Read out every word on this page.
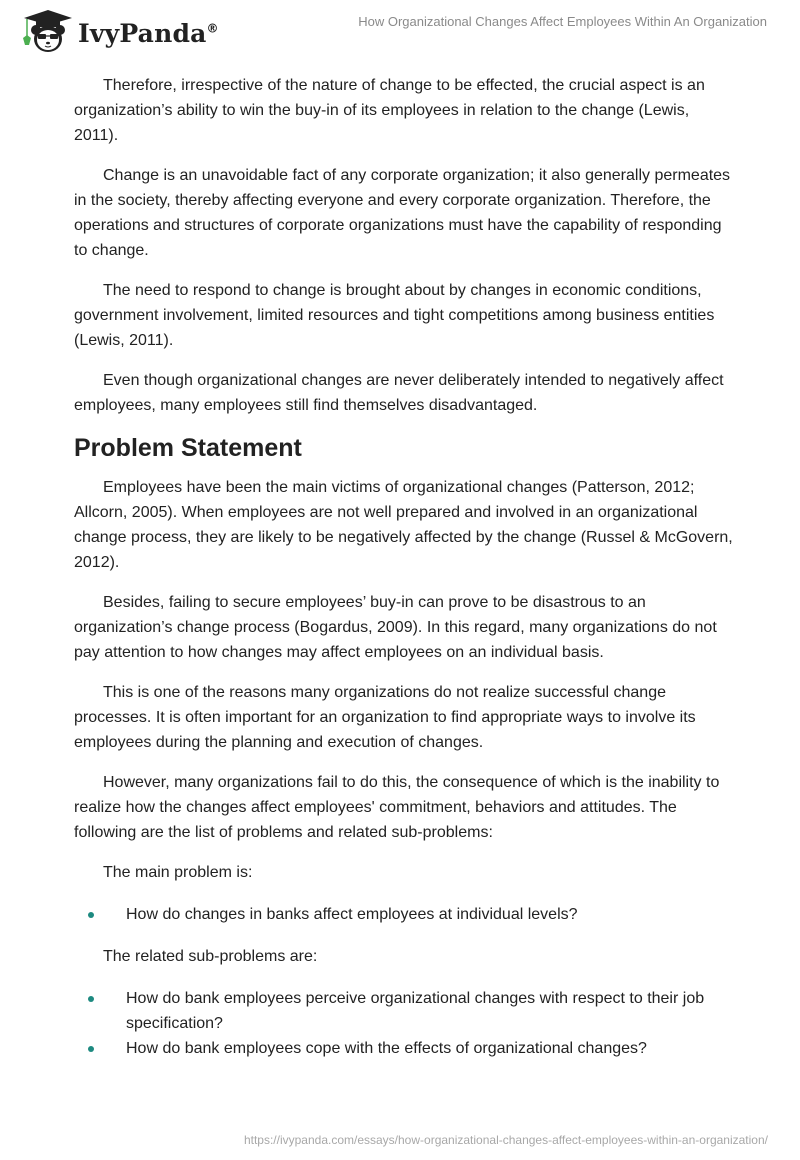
IvyPanda®	How Organizational Changes Affect Employees Within An Organization

Therefore, irrespective of the nature of change to be effected, the crucial aspect is an organization’s ability to win the buy-in of its employees in relation to the change (Lewis, 2011).

Change is an unavoidable fact of any corporate organization; it also generally permeates in the society, thereby affecting everyone and every corporate organization. Therefore, the operations and structures of corporate organizations must have the capability of responding to change.

The need to respond to change is brought about by changes in economic conditions, government involvement, limited resources and tight competitions among business entities (Lewis, 2011).

Even though organizational changes are never deliberately intended to negatively affect employees, many employees still find themselves disadvantaged.

Problem Statement

Employees have been the main victims of organizational changes (Patterson, 2012; Allcorn, 2005). When employees are not well prepared and involved in an organizational change process, they are likely to be negatively affected by the change (Russel & McGovern, 2012).

Besides, failing to secure employees’ buy-in can prove to be disastrous to an organization’s change process (Bogardus, 2009). In this regard, many organizations do not pay attention to how changes may affect employees on an individual basis.

This is one of the reasons many organizations do not realize successful change processes. It is often important for an organization to find appropriate ways to involve its employees during the planning and execution of changes.

However, many organizations fail to do this, the consequence of which is the inability to realize how the changes affect employees' commitment, behaviors and attitudes. The following are the list of problems and related sub-problems:

The main problem is:

How do changes in banks affect employees at individual levels?

The related sub-problems are:

How do bank employees perceive organizational changes with respect to their job specification?
How do bank employees cope with the effects of organizational changes?
https://ivypanda.com/essays/how-organizational-changes-affect-employees-within-an-organization/
